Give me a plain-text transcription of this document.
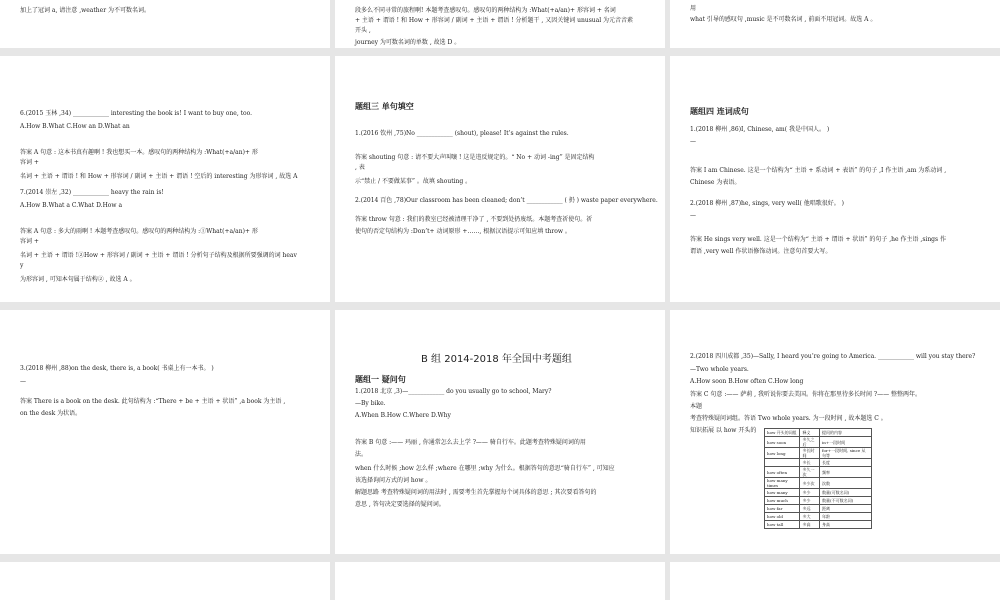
加上了冠词 a, 请注意 ,weather 为不可数名词。	段多么不同寻常的旅程啊! 本题考查感叹句。感叹句的两种结构为 :What(+a/an)+ 形容词 + 名词
+ 主语 + 谓语 ! 和 How + 形容词 / 副词 + 主语 + 谓语 ! 分析题干 , 又因关键词 unusual 为元音音素
开头 ,
journey 为可数名词的单数 , 故选 D 。
用
what 引导的感叹句 ,music 是不可数名词 , 前面不用冠词。故选 A 。
6.(2015 玉林 ,34) ____________ interesting the book is! I want to buy one, too.
A.How B.What C.How an D.What an
答案 A 句意 : 这本书真有趣啊 ! 我也想买一本。感叹句的两种结构为 :What(+a/an)+ 形
容词 +
名词 + 主语 + 谓语 ! 和 How + 形容词 / 副词 + 主语 + 谓语 ! 空后的 interesting 为形容词 , 故选 A
7.(2014 崇左 ,32) ____________ heavy the rain is!
A.How B.What a C.What D.How a
答案 A 句意 : 多大的雨啊 ! 本题考查感叹句。感叹句的两种结构为 :①What(+a/an)+ 形
容词 +
名词 + 主语 + 谓语 !②How + 形容词 / 副词 + 主语 + 谓语 ! 分析句子结构及根据所要强调的词 heav
y
为形容词 , 可知本句属于结构② , 故选 A 。
题组三 单句填空
1.(2016 钦州 ,75)No ____________ (shout), please! It’s against the rules.
答案 shouting 句意 : 请不要大声叫嚷 ! 这是违反规定的。“ No + 动词 -ing” 是固定结构
, 表
示“禁止 / 不要做某事” 。故填 shouting 。
2.(2014 百色 ,78)Our classroom has been cleaned; don’t ____________ ( 扔 ) waste paper everywhere.
答案 throw 句意 : 我们的教室已经被清理干净了 , 不要到处扔废纸。本题考查祈使句。祈
使句的否定句结构为 :Don’t+ 动词原形 +……, 根据汉语提示可知应填 throw 。
题组四 连词成句
1.(2018 柳州 ,86)I, Chinese, am( 我是中国人。 )
—
答案 I am Chinese. 这是一个结构为“ 主语 + 系动词 + 表语” 的句子 ,I 作主语 ,am 为系动词 ,
Chinese 为表语。
2.(2018 柳州 ,87)he, sings, very well( 他唱歌很好。 )
—
答案 He sings very well. 这是一个结构为“ 主语 + 谓语 + 状语” 的句子 ,he 作主语 ,sings 作
谓语 ,very well 作状语修饰动词。注意句首要大写。
3.(2018 柳州 ,88)on the desk, there is, a book( 书桌上有一本书。 )
—
答案 There is a book on the desk. 此句结构为 :“There + be + 主语 + 状语” ,a book 为主语 ,
on the desk 为状语。
B 组 2014-2018 年全国中考题组
题组一 疑问句
1.(2018 北京 ,3)—____________ do you usually go to school, Mary?
—By bike.
A.When B.How C.Where D.Why
答案 B 句意 :—— 玛丽 , 你通常怎么去上学 ?—— 骑自行车。此题考查特殊疑问词的用
法。
when 什么时候 ;how 怎么样 ;where 在哪里 ;why 为什么。根据答句的意思“骑自行车” , 可知应
该选择询问方式的词 how 。
解题思路 考查特殊疑问词的用法时 , 需要考生首先掌握每个词具体的意思 ; 其次要看答句的
意思 , 答句决定要选择的疑问词。
2.(2018 四川成都 ,35)—Sally, I heard you’re going to America. ____________ will you stay there?
—Two whole years.
A.How soon B.How often C.How long
答案 C 句意 :—— 萨莉 , 我听说你要去美国。你将在那里待多长时间 ?—— 整整两年。
本题
考查特殊疑问词组。答语 Two whole years. 为一段时间 , 故本题选 C 。
知识拓展 以 how 开头的	how 开头的词组	释义	提问的内容
how soon	多久之后	in+一段时间
how long	多长时间	for+一段时间, since 从句等
	多长	长度
how often	多久一次	频率
how many times	多少次	次数
how many	多少	数量(可数名词)
how much	多少	数量(不可数名词)
how far	多远	距离
how old	多大	年龄
how tall	多高	身高
